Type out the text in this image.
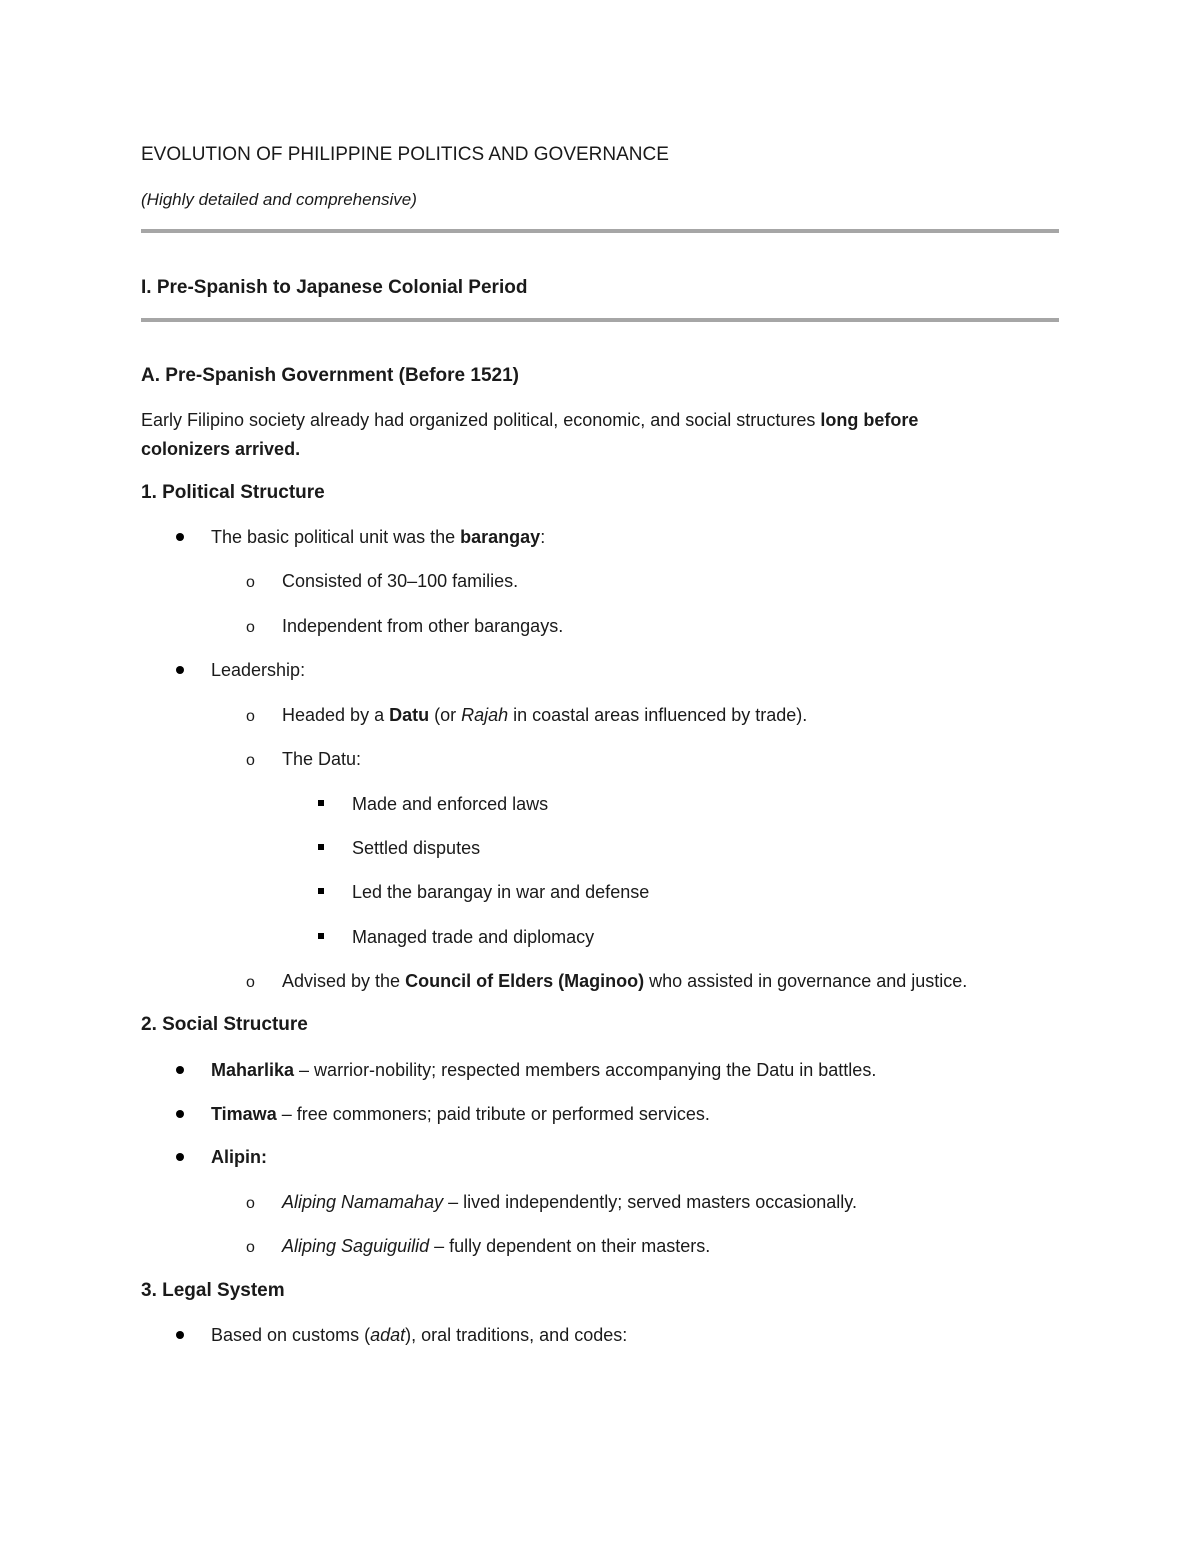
EVOLUTION OF PHILIPPINE POLITICS AND GOVERNANCE
(Highly detailed and comprehensive)
I. Pre-Spanish to Japanese Colonial Period
A. Pre-Spanish Government (Before 1521)
Early Filipino society already had organized political, economic, and social structures long before
colonizers arrived.
1. Political Structure
The basic political unit was the barangay:
o Consisted of 30–100 families.
o Independent from other barangays.
Leadership:
o Headed by a Datu (or Rajah in coastal areas influenced by trade).
o The Datu:
Made and enforced laws
Settled disputes
Led the barangay in war and defense
Managed trade and diplomacy
o Advised by the Council of Elders (Maginoo) who assisted in governance and justice.
2. Social Structure
Maharlika – warrior-nobility; respected members accompanying the Datu in battles.
Timawa – free commoners; paid tribute or performed services.
Alipin:
o Aliping Namamahay – lived independently; served masters occasionally.
o Aliping Saguiguilid – fully dependent on their masters.
3. Legal System
Based on customs (adat), oral traditions, and codes:
